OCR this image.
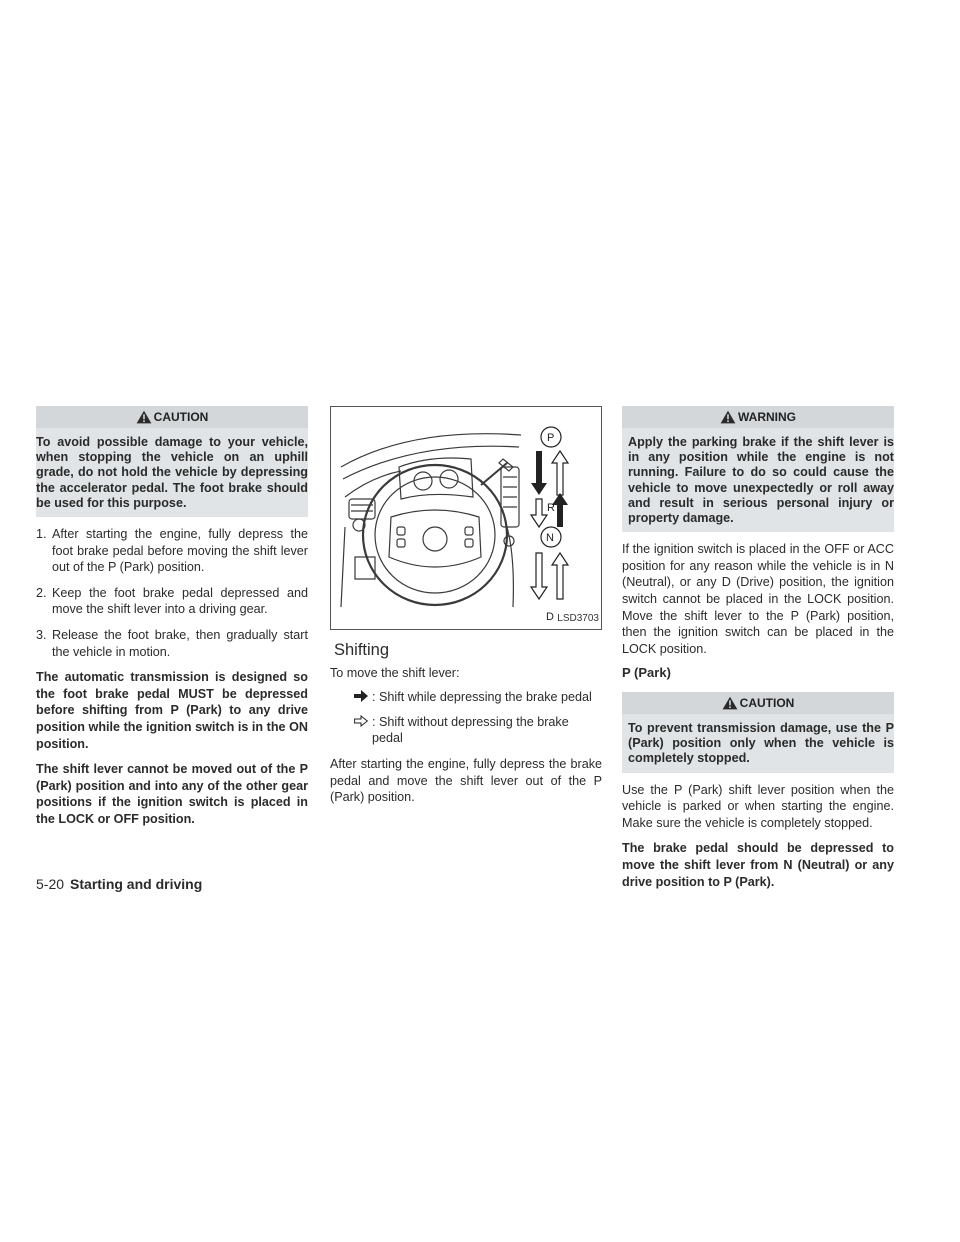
CAUTION
To avoid possible damage to your vehicle, when stopping the vehicle on an uphill grade, do not hold the vehicle by depressing the accelerator pedal. The foot brake should be used for this purpose.
1. After starting the engine, fully depress the foot brake pedal before moving the shift lever out of the P (Park) position.
2. Keep the foot brake pedal depressed and move the shift lever into a driving gear.
3. Release the foot brake, then gradually start the vehicle in motion.

The automatic transmission is designed so the foot brake pedal MUST be depressed before shifting from P (Park) to any drive position while the ignition switch is in the ON position.

The shift lever cannot be moved out of the P (Park) position and into any of the other gear positions if the ignition switch is placed in the LOCK or OFF position.

P
R
N
D LSD3703
Shifting

To move the shift lever:

: Shift while depressing the brake pedal
: Shift without depressing the brake pedal

After starting the engine, fully depress the brake pedal and move the shift lever out of the P (Park) position.

WARNING
Apply the parking brake if the shift lever is in any position while the engine is not running. Failure to do so could cause the vehicle to move unexpectedly or roll away and result in serious personal injury or property damage.

If the ignition switch is placed in the OFF or ACC position for any reason while the vehicle is in N (Neutral), or any D (Drive) position, the ignition switch cannot be placed in the LOCK position. Move the shift lever to the P (Park) position, then the ignition switch can be placed in the LOCK position.

P (Park)
CAUTION
To prevent transmission damage, use the P (Park) position only when the vehicle is completely stopped.

Use the P (Park) shift lever position when the vehicle is parked or when starting the engine. Make sure the vehicle is completely stopped.

The brake pedal should be depressed to move the shift lever from N (Neutral) or any drive position to P (Park).

5-20 Starting and driving
